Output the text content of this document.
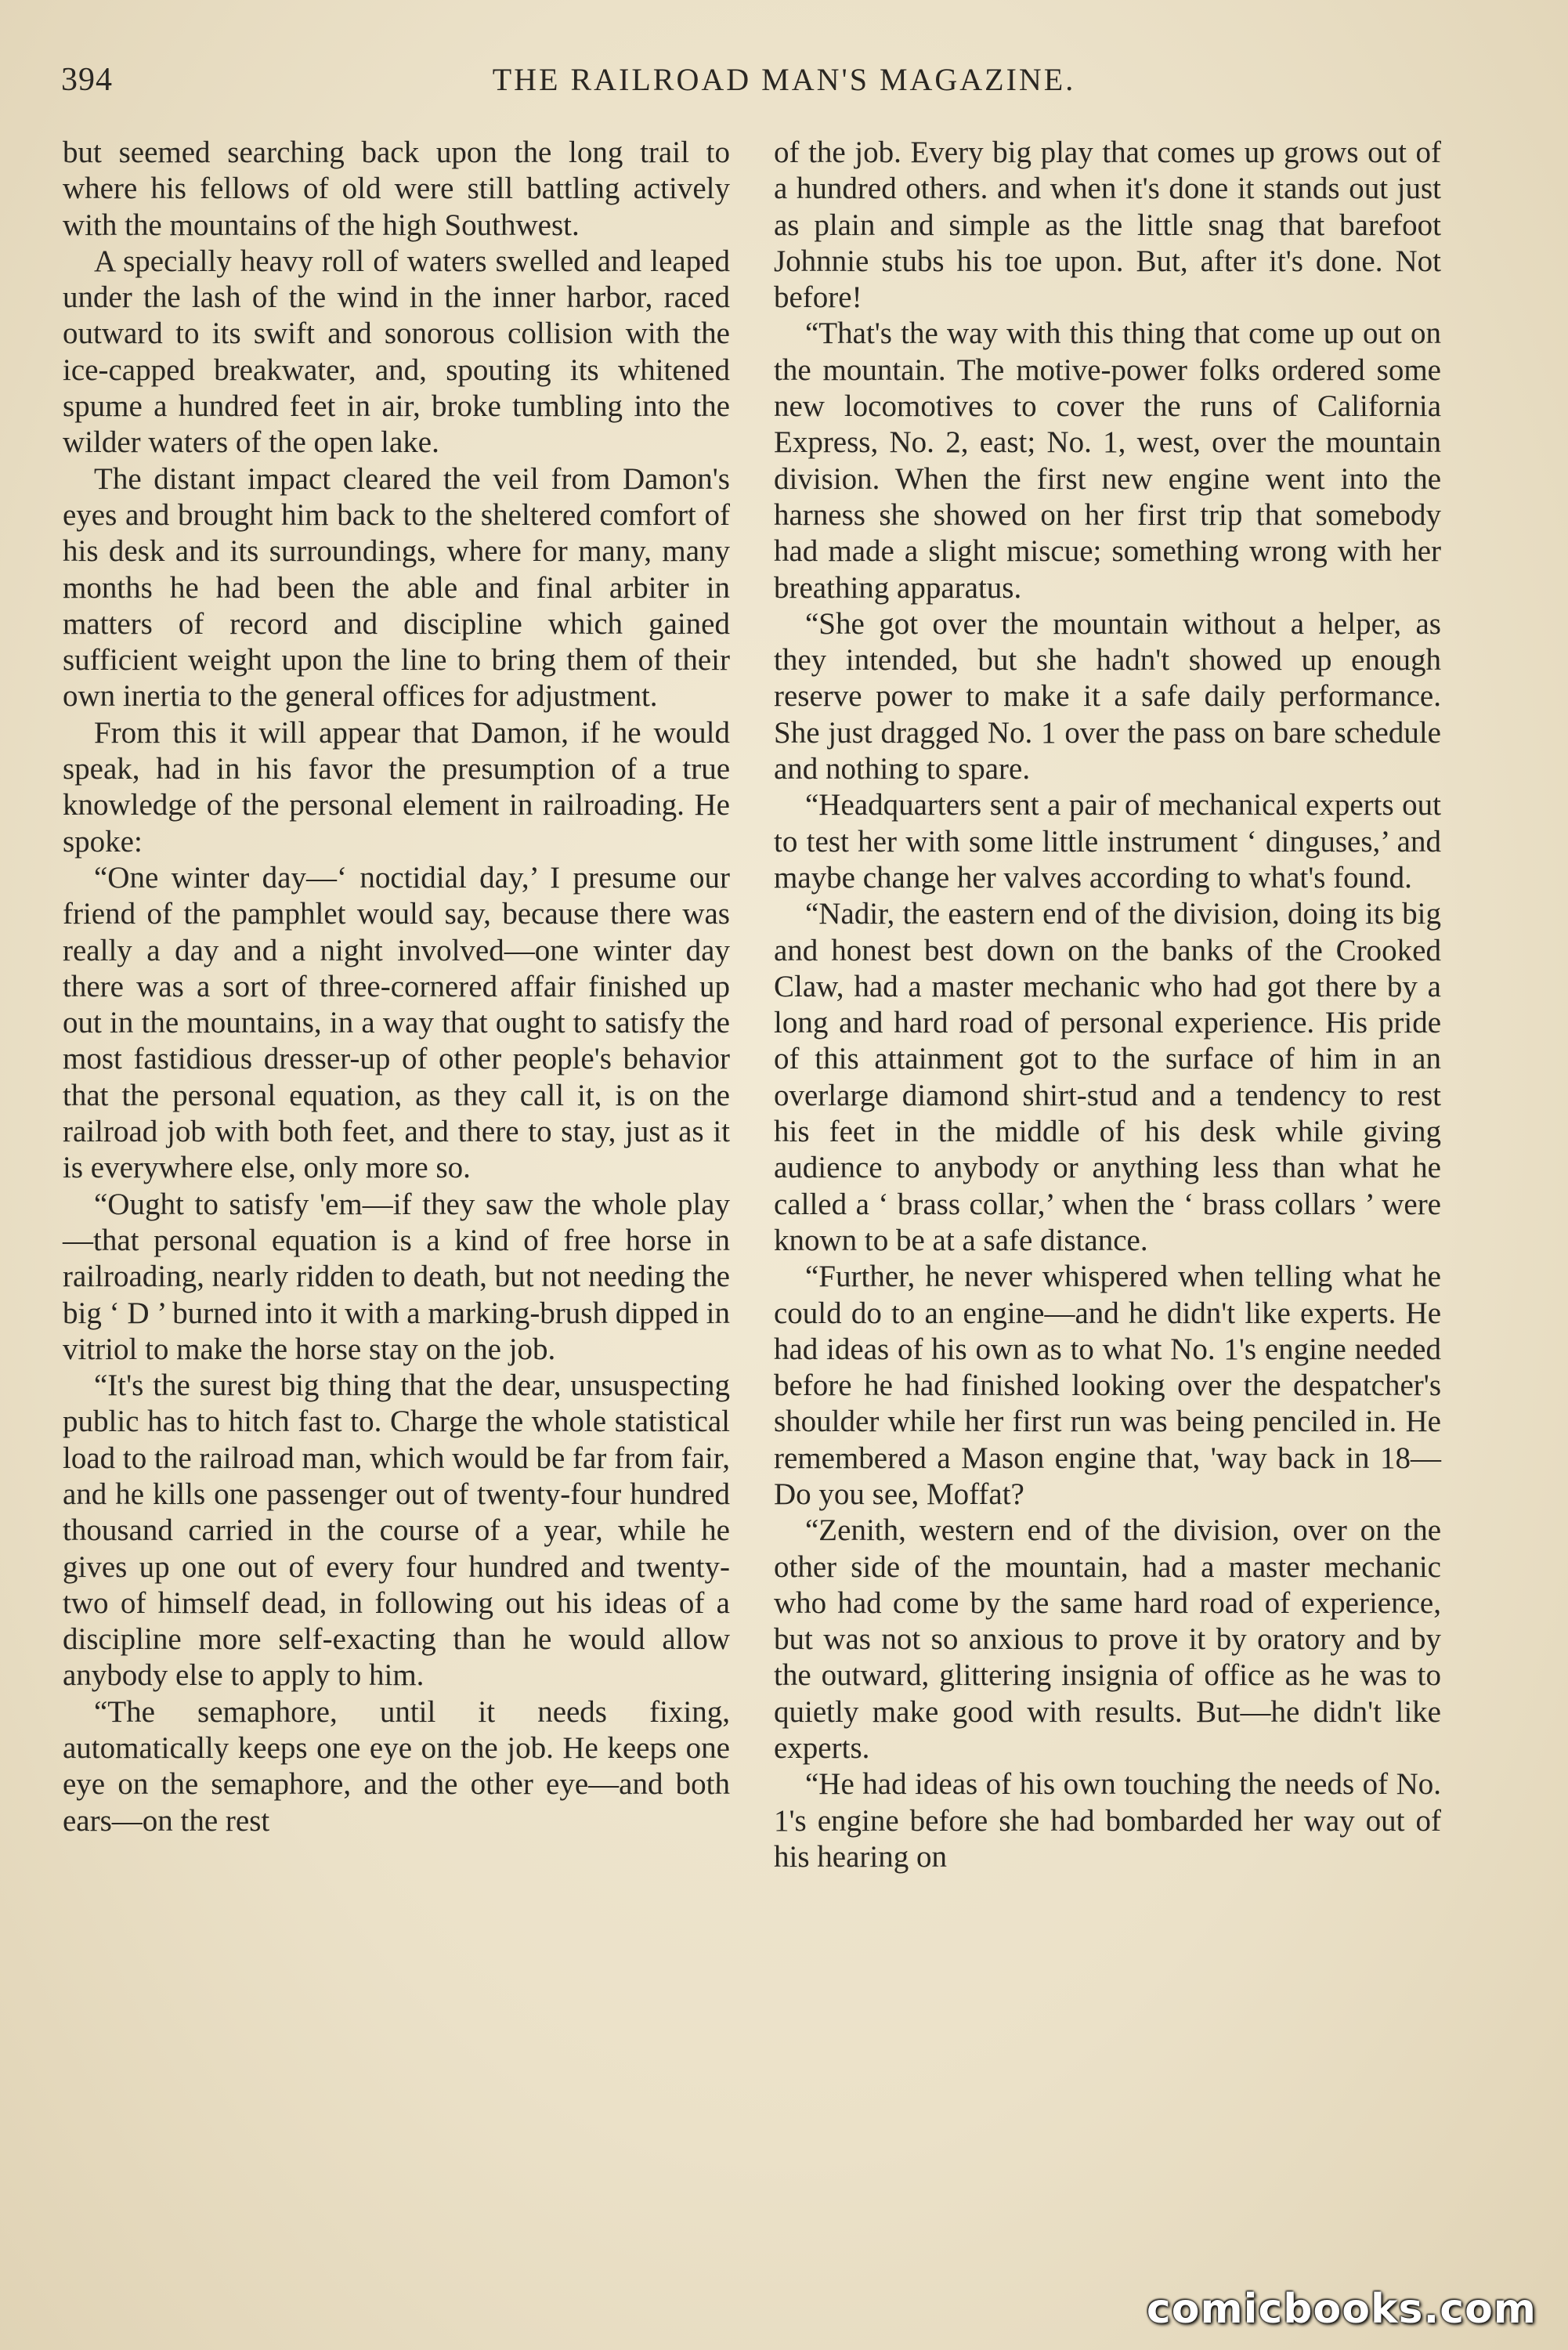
394	THE RAILROAD MAN'S MAGAZINE.

but seemed searching back upon the long trail to where his fellows of old were still battling actively with the mountains of the high Southwest.

A specially heavy roll of waters swelled and leaped under the lash of the wind in the inner harbor, raced outward to its swift and sonorous collision with the ice-capped breakwater, and, spouting its whitened spume a hundred feet in air, broke tumbling into the wilder waters of the open lake.

The distant impact cleared the veil from Damon's eyes and brought him back to the sheltered comfort of his desk and its surroundings, where for many, many months he had been the able and final arbiter in matters of record and discipline which gained sufficient weight upon the line to bring them of their own inertia to the general offices for adjustment.

From this it will appear that Damon, if he would speak, had in his favor the presumption of a true knowledge of the personal element in railroading. He spoke:

“One winter day—‘ noctidial day,’ I presume our friend of the pamphlet would say, because there was really a day and a night involved—one winter day there was a sort of three-cornered affair finished up out in the mountains, in a way that ought to satisfy the most fastidious dresser-up of other people's behavior that the personal equation, as they call it, is on the railroad job with both feet, and there to stay, just as it is everywhere else, only more so.

“Ought to satisfy 'em—if they saw the whole play—that personal equation is a kind of free horse in railroading, nearly ridden to death, but not needing the big ‘ D ’ burned into it with a marking-brush dipped in vitriol to make the horse stay on the job.

“It's the surest big thing that the dear, unsuspecting public has to hitch fast to. Charge the whole statistical load to the railroad man, which would be far from fair, and he kills one passenger out of twenty-four hundred thousand carried in the course of a year, while he gives up one out of every four hundred and twenty-two of himself dead, in following out his ideas of a discipline more self-exacting than he would allow anybody else to apply to him.

“The semaphore, until it needs fixing, automatically keeps one eye on the job. He keeps one eye on the semaphore, and the other eye—and both ears—on the rest

of the job. Every big play that comes up grows out of a hundred others. and when it's done it stands out just as plain and simple as the little snag that barefoot Johnnie stubs his toe upon. But, after it's done. Not before!

“That's the way with this thing that come up out on the mountain. The motive-power folks ordered some new locomotives to cover the runs of California Express, No. 2, east; No. 1, west, over the mountain division. When the first new engine went into the harness she showed on her first trip that somebody had made a slight miscue; something wrong with her breathing apparatus.

“She got over the mountain without a helper, as they intended, but she hadn't showed up enough reserve power to make it a safe daily performance. She just dragged No. 1 over the pass on bare schedule and nothing to spare.

“Headquarters sent a pair of mechanical experts out to test her with some little instrument ‘ dinguses,’ and maybe change her valves according to what's found.

“Nadir, the eastern end of the division, doing its big and honest best down on the banks of the Crooked Claw, had a master mechanic who had got there by a long and hard road of personal experience. His pride of this attainment got to the surface of him in an overlarge diamond shirt-stud and a tendency to rest his feet in the middle of his desk while giving audience to anybody or anything less than what he called a ‘ brass collar,’ when the ‘ brass collars ’ were known to be at a safe distance.

“Further, he never whispered when telling what he could do to an engine—and he didn't like experts. He had ideas of his own as to what No. 1's engine needed before he had finished looking over the despatcher's shoulder while her first run was being penciled in. He remembered a Mason engine that, 'way back in 18— Do you see, Moffat?

“Zenith, western end of the division, over on the other side of the mountain, had a master mechanic who had come by the same hard road of experience, but was not so anxious to prove it by oratory and by the outward, glittering insignia of office as he was to quietly make good with results. But—he didn't like experts.

“He had ideas of his own touching the needs of No. 1's engine before she had bombarded her way out of his hearing on

comicbooks.com
